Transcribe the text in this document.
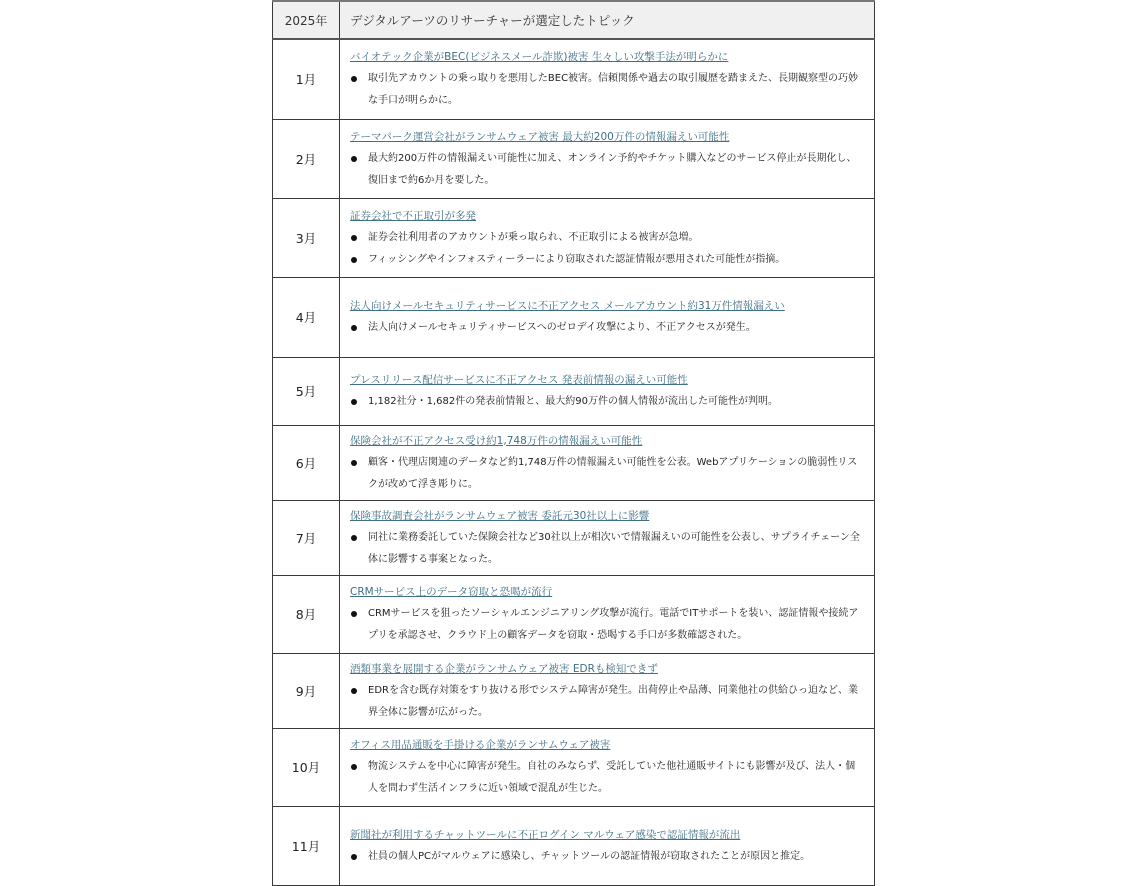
2025年	デジタルアーツのリサーチャーが選定したトピック
1月	
バイオテック企業がBEC(ビジネスメール詐欺)被害 生々しい攻撃手法が明らかに
取引先アカウントの乗っ取りを悪用したBEC被害。信頼関係や過去の取引履歴を踏まえた、長期観察型の巧妙な手口が明らかに。

2月	
テーマパーク運営会社がランサムウェア被害 最大約200万件の情報漏えい可能性
最大約200万件の情報漏えい可能性に加え、オンライン予約やチケット購入などのサービス停止が長期化し、復旧まで約6か月を要した。

3月	
証券会社で不正取引が多発
証券会社利用者のアカウントが乗っ取られ、不正取引による被害が急増。
フィッシングやインフォスティーラーにより窃取された認証情報が悪用された可能性が指摘。

4月	
法人向けメールセキュリティサービスに不正アクセス メールアカウント約31万件情報漏えい
法人向けメールセキュリティサービスへのゼロデイ攻撃により、不正アクセスが発生。

5月	
プレスリリース配信サービスに不正アクセス 発表前情報の漏えい可能性
1,182社分・1,682件の発表前情報と、最大約90万件の個人情報が流出した可能性が判明。

6月	
保険会社が不正アクセス受け約1,748万件の情報漏えい可能性
顧客・代理店関連のデータなど約1,748万件の情報漏えい可能性を公表。Webアプリケーションの脆弱性リスクが改めて浮き彫りに。

7月	
保険事故調査会社がランサムウェア被害 委託元30社以上に影響
同社に業務委託していた保険会社など30社以上が相次いで情報漏えいの可能性を公表し、サプライチェーン全体に影響する事案となった。

8月	
CRMサービス上のデータ窃取と恐喝が流行
CRMサービスを狙ったソーシャルエンジニアリング攻撃が流行。電話でITサポートを装い、認証情報や接続アプリを承認させ、クラウド上の顧客データを窃取・恐喝する手口が多数確認された。

9月	
酒類事業を展開する企業がランサムウェア被害 EDRも検知できず
EDRを含む既存対策をすり抜ける形でシステム障害が発生。出荷停止や品薄、同業他社の供給ひっ迫など、業界全体に影響が広がった。

10月	
オフィス用品通販を手掛ける企業がランサムウェア被害
物流システムを中心に障害が発生。自社のみならず、受託していた他社通販サイトにも影響が及び、法人・個人を問わず生活インフラに近い領域で混乱が生じた。

11月	
新聞社が利用するチャットツールに不正ログイン マルウェア感染で認証情報が流出
社員の個人PCがマルウェアに感染し、チャットツールの認証情報が窃取されたことが原因と推定。
